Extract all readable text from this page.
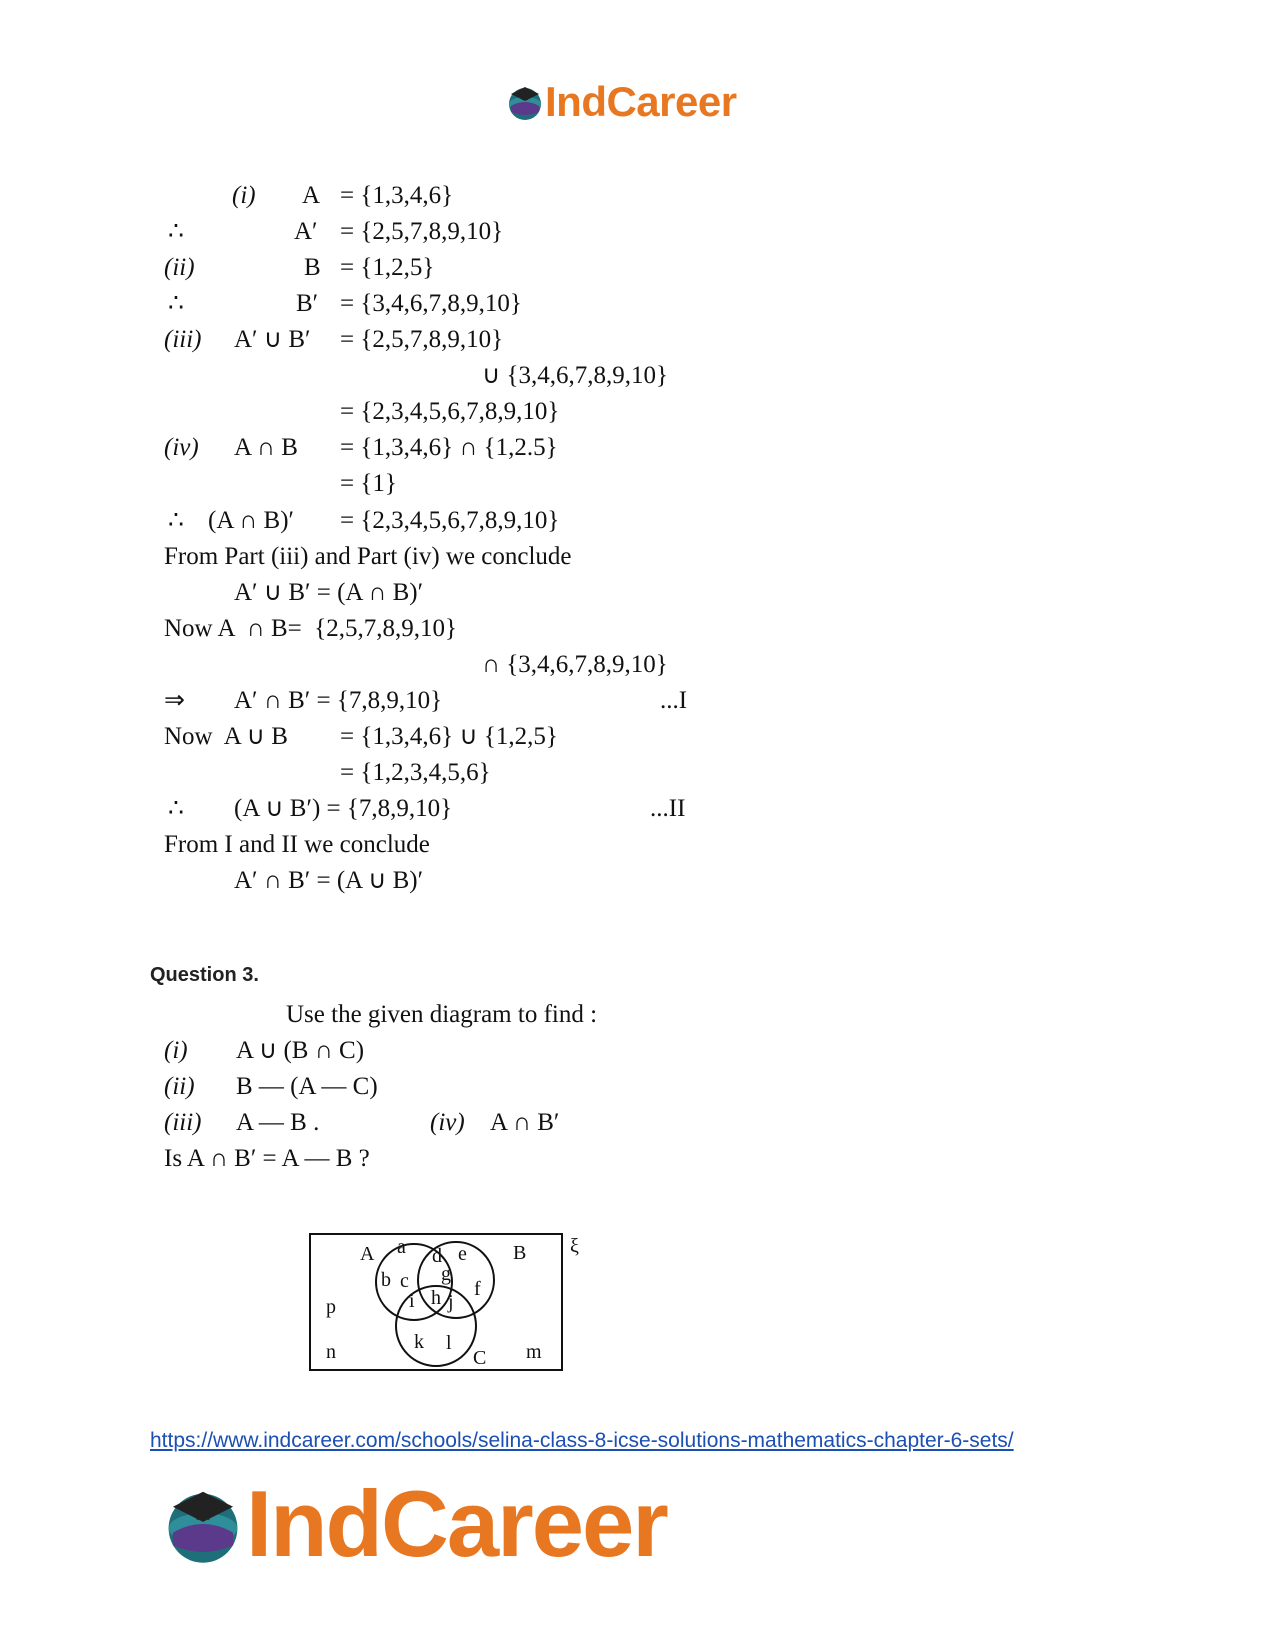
IndCareer
(i) A = {1,3,4,6}
∴	A′ = {2,5,7,8,9,10}
(ii)	B = {1,2,5}
∴	B′ = {3,4,6,7,8,9,10}
(iii) A′ ∪ B′ = {2,5,7,8,9,10}
∪ {3,4,6,7,8,9,10}
= {2,3,4,5,6,7,8,9,10}
(iv) A ∩ B = {1,3,4,6} ∩ {1,2.5}
= {1}
∴ (A ∩ B)′ = {2,3,4,5,6,7,8,9,10}
From Part (iii) and Part (iv) we conclude
A′ ∪ B′ = (A ∩ B)′
Now A  ∩ B=  {2,5,7,8,9,10}
∩ {3,4,6,7,8,9,10}
⇒ A′ ∩ B′ = {7,8,9,10}	...I
Now  A ∪ B = {1,3,4,6} ∪ {1,2,5}
= {1,2,3,4,5,6}
∴ (A ∪ B′) = {7,8,9,10}	...II
From I and II we conclude
A′ ∩ B′ = (A ∪ B)′
Question 3.
Use the given diagram to find :
(i) A ∪ (B ∩ C)
(ii) B — (A — C)
(iii) A — B .	(iv) A ∩ B′
Is A ∩ B′ = A — B ?
ξ
A	B
C
a
b c
d e
f
g
h
i j
k l	m
n
p
https://www.indcareer.com/schools/selina-class-8-icse-solutions-mathematics-chapter-6-sets/
IndCareer
